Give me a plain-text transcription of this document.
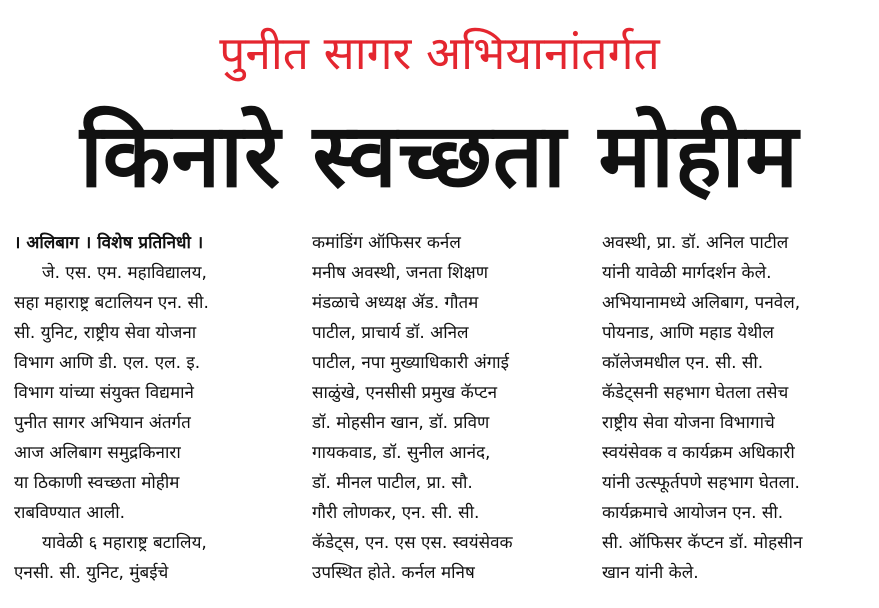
पुनीत सागर अभियानांतर्गत
किनारे स्वच्छता मोहीम
। अलिबाग । विशेष प्रतिनिधी ।
जे. एस. एम. महाविद्यालय,
सहा महाराष्ट्र बटालियन एन. सी.
सी. युनिट, राष्ट्रीय सेवा योजना
विभाग आणि डी. एल. एल. इ.
विभाग यांच्या संयुक्त विद्यमाने
पुनीत सागर अभियान अंतर्गत
आज अलिबाग समुद्रकिनारा
या ठिकाणी स्वच्छता मोहीम
राबविण्यात आली.
यावेळी ६ महाराष्ट्र बटालिय,
एनसी. सी. युनिट, मुंबईचे
कमांडिंग ऑफिसर कर्नल
मनीष अवस्थी, जनता शिक्षण
मंडळाचे अध्यक्ष ॲड. गौतम
पाटील, प्राचार्य डॉ. अनिल
पाटील, नपा मुख्याधिकारी अंगाई
साळुंखे, एनसीसी प्रमुख कॅप्टन
डॉ. मोहसीन खान, डॉ. प्रविण
गायकवाड, डॉ. सुनील आनंद,
डॉ. मीनल पाटील, प्रा. सौ.
गौरी लोणकर, एन. सी. सी.
कॅडेट्स, एन. एस एस. स्वयंसेवक
उपस्थित होते. कर्नल मनिष
अवस्थी, प्रा. डॉ. अनिल पाटील
यांनी यावेळी मार्गदर्शन केले.
अभियानामध्ये अलिबाग, पनवेल,
पोयनाड, आणि महाड येथील
कॉलेजमधील एन. सी. सी.
कॅडेट्सनी सहभाग घेतला तसेच
राष्ट्रीय सेवा योजना विभागाचे
स्वयंसेवक व कार्यक्रम अधिकारी
यांनी उत्स्फूर्तपणे सहभाग घेतला.
कार्यक्रमाचे आयोजन एन. सी.
सी. ऑफिसर कॅप्टन डॉ. मोहसीन
खान यांनी केले.
